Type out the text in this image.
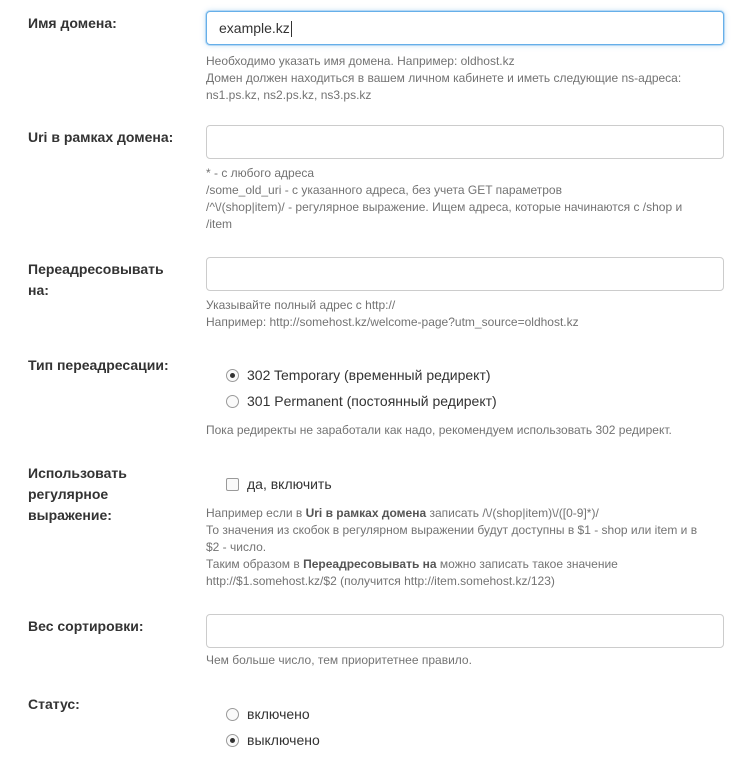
Имя домена:	example.kz

Необходимо указать имя домена. Например: oldhost.kz

Домен должен находиться в вашем личном кабинете и иметь следующие ns-адреса:

ns1.ps.kz, ns2.ps.kz, ns3.ps.kz

Uri в рамках домена:

* - с любого адреса

/some_old_uri - с указанного адреса, без учета GET параметров

/^\/(shop|item)/ - регулярное выражение. Ищем адреса, которые начинаются с /shop и

/item

Переадресовывать
на:

Указывайте полный адрес с http://

Например: http://somehost.kz/welcome-page?utm_source=oldhost.kz

Тип переадресации:
302 Temporary (временный редирект)
301 Permanent (постоянный редирект)

Пока редиректы не заработали как надо, рекомендуем использовать 302 редирект.

Использовать
регулярное
выражение:
да, включить

Например если в Uri в рамках домена записать /\/(shop|item)\/([0-9]*)/

То значения из скобок в регулярном выражении будут доступны в $1 - shop или item и в

$2 - число.

Таким образом в Переадресовывать на можно записать такое значение

http://$1.somehost.kz/$2 (получится http://item.somehost.kz/123)

Вес сортировки:

Чем больше число, тем приоритетнее правило.

Статус:
включено
выключено
